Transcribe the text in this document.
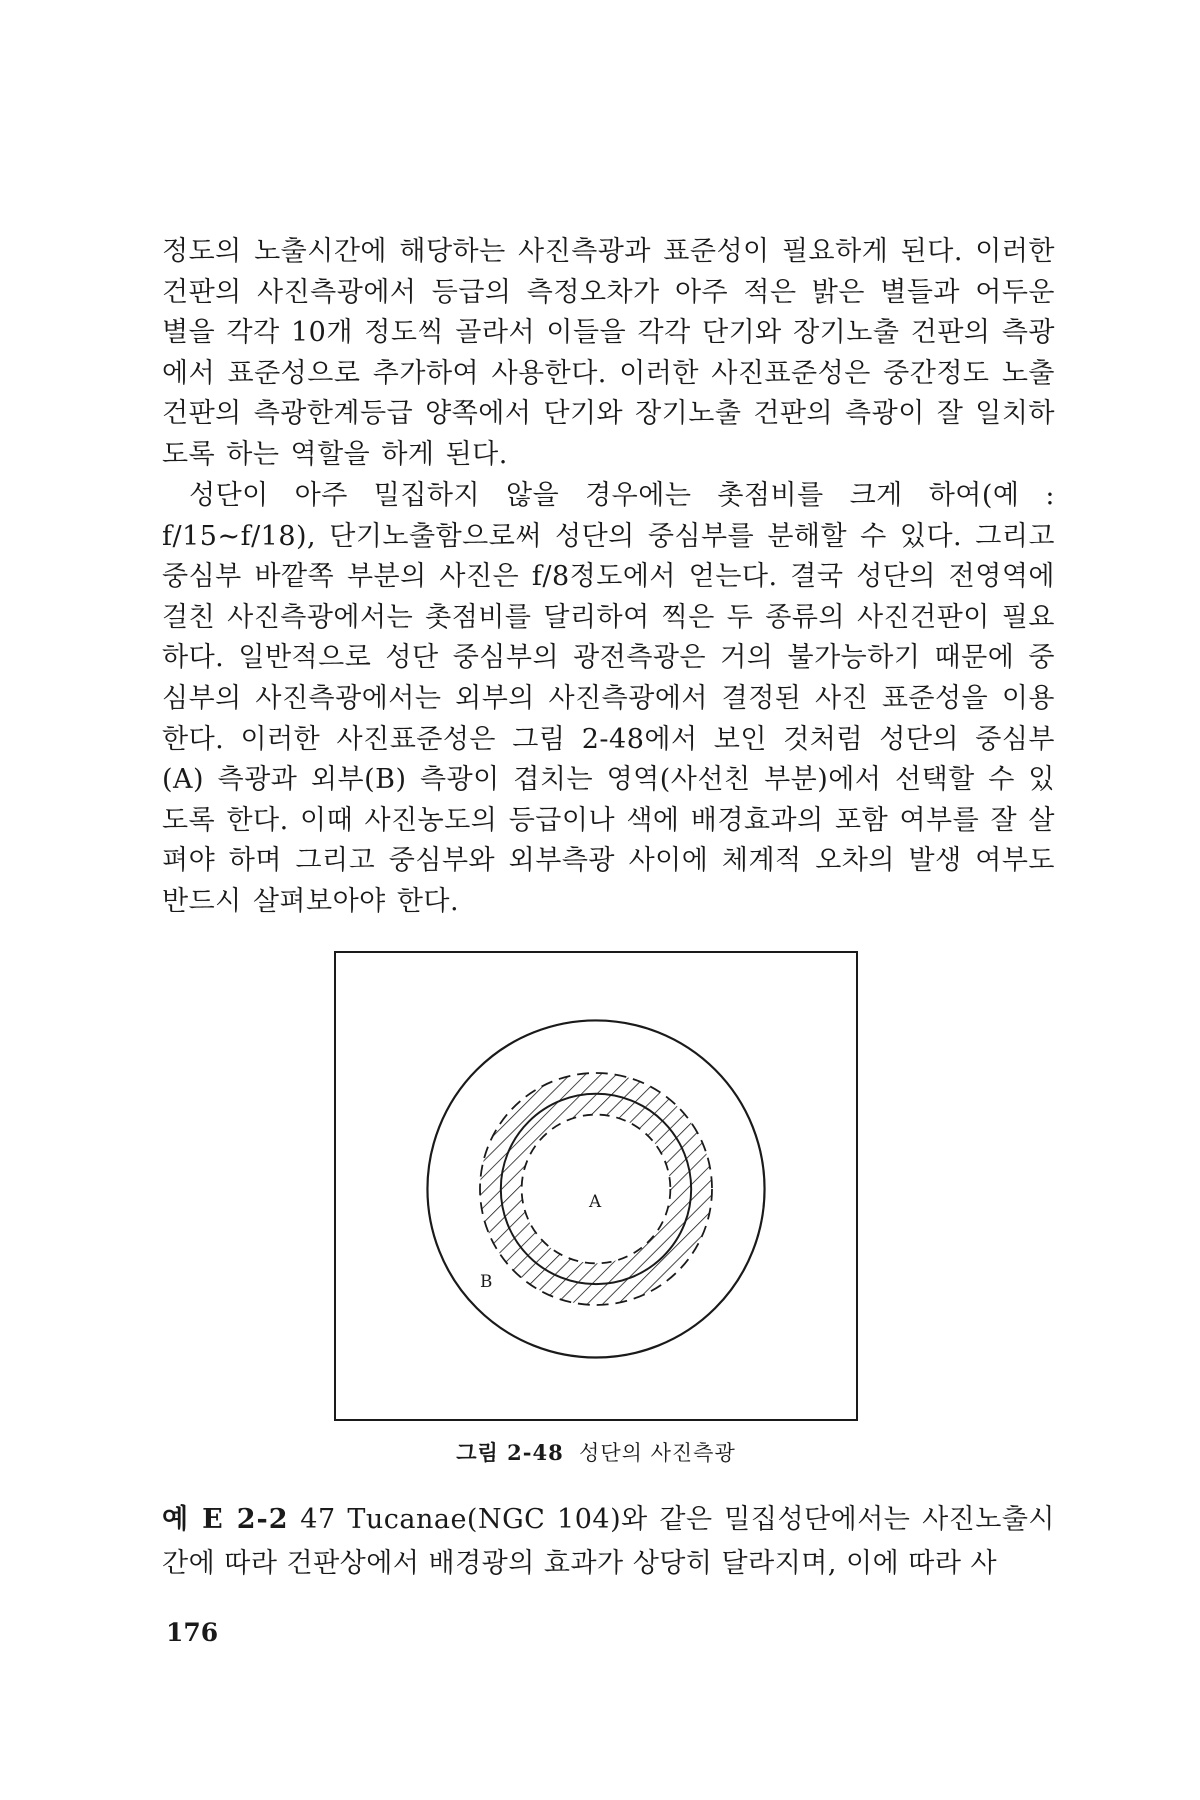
정도의 노출시간에 해당하는 사진측광과 표준성이 필요하게 된다. 이러한 건판의 사진측광에서 등급의 측정오차가 아주 적은 밝은 별들과 어두운 별을 각각 10개 정도씩 골라서 이들을 각각 단기와 장기노출 건판의 측광에서 표준성으로 추가하여 사용한다. 이러한 사진표준성은 중간정도 노출건판의 측광한계등급 양쪽에서 단기와 장기노출 건판의 측광이 잘 일치하도록 하는 역할을 하게 된다.

성단이 아주 밀집하지 않을 경우에는 촛점비를 크게 하여(예 : f/15~f/18), 단기노출함으로써 성단의 중심부를 분해할 수 있다. 그리고 중심부 바깥쪽 부분의 사진은 f/8정도에서 얻는다. 결국 성단의 전영역에 걸친 사진측광에서는 촛점비를 달리하여 찍은 두 종류의 사진건판이 필요하다. 일반적으로 성단 중심부의 광전측광은 거의 불가능하기 때문에 중심부의 사진측광에서는 외부의 사진측광에서 결정된 사진 표준성을 이용한다. 이러한 사진표준성은 그림 2-48에서 보인 것처럼 성단의 중심부(A) 측광과 외부(B) 측광이 겹치는 영역(사선친 부분)에서 선택할 수 있도록 한다. 이때 사진농도의 등급이나 색에 배경효과의 포함 여부를 잘 살펴야 하며 그리고 중심부와 외부측광 사이에 체계적 오차의 발생 여부도 반드시 살펴보아야 한다.

A
B
그림 2-48 성단의 사진측광
예 E 2-2 47 Tucanae(NGC 104)와 같은 밀집성단에서는 사진노출시간에 따라 건판상에서 배경광의 효과가 상당히 달라지며, 이에 따라 사
176
